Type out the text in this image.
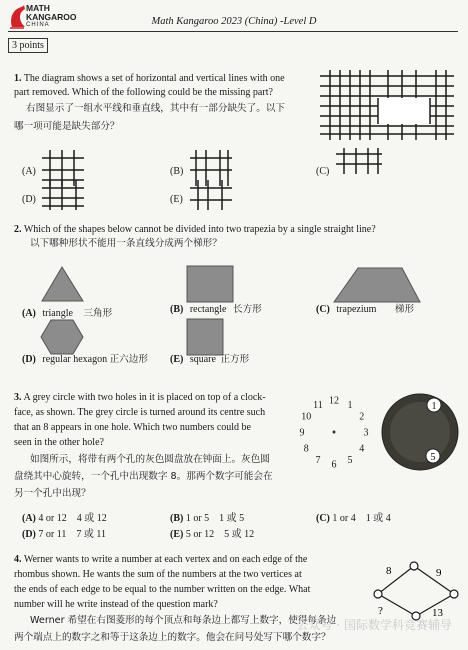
MATH
KANGAROO
CHINA	Math Kangaroo 2023 (China) -Level D
3 points
1. The diagram shows a set of horizontal and vertical lines with one
part removed. Which of the following could be the missing part?
右图显示了一组水平线和垂直线，其中有一部分缺失了。以下
哪一项可能是缺失部分？
(A)	(B)	(C)
(D)	(E)
2. Which of the shapes below cannot be divided into two trapezia by a single straight line?
以下哪种形状不能用一条直线分成两个梯形？
(A) triangle 三角形	(B) rectangle 长方形	(C) trapezium 梯形
(D) regular hexagon 正六边形 (E) square 正方形
3. A grey circle with two holes in it is placed on top of a clock-
face, as shown. The grey circle is turned around its centre such
that an 8 appears in one hole. Which two numbers could be
seen in the other hole?
如图所示，将带有两个孔的灰色圆盘放在钟面上。灰色圆
盘绕其中心旋转，一个孔中出现数字 8。那两个数字可能会在
另一个孔中出现？
12 1
2
3
4
5
6
7
8
9
10
11	1
5
(A) 4 or 12    4 或 12	(B) 1 or 5    1 或 5	(C) 1 or 4    1 或 4
(D) 7 or 11    7 或 11	(E) 5 or 12    5 或 12
4. Werner wants to write a number at each vertex and on each edge of the
rhombus shown. He wants the sum of the numbers at the two vertices at
the ends of each edge to be equal to the number written on the edge. What
number will he write instead of the question mark?
Werner 希望在右图菱形的每个顶点和每条边上都写上数字，使得每条边
两个端点上的数字之和等于这条边上的数字。他会在问号处写下哪个数字？
8	9
?	13
公众号 · 国际数学科竞赛辅导
